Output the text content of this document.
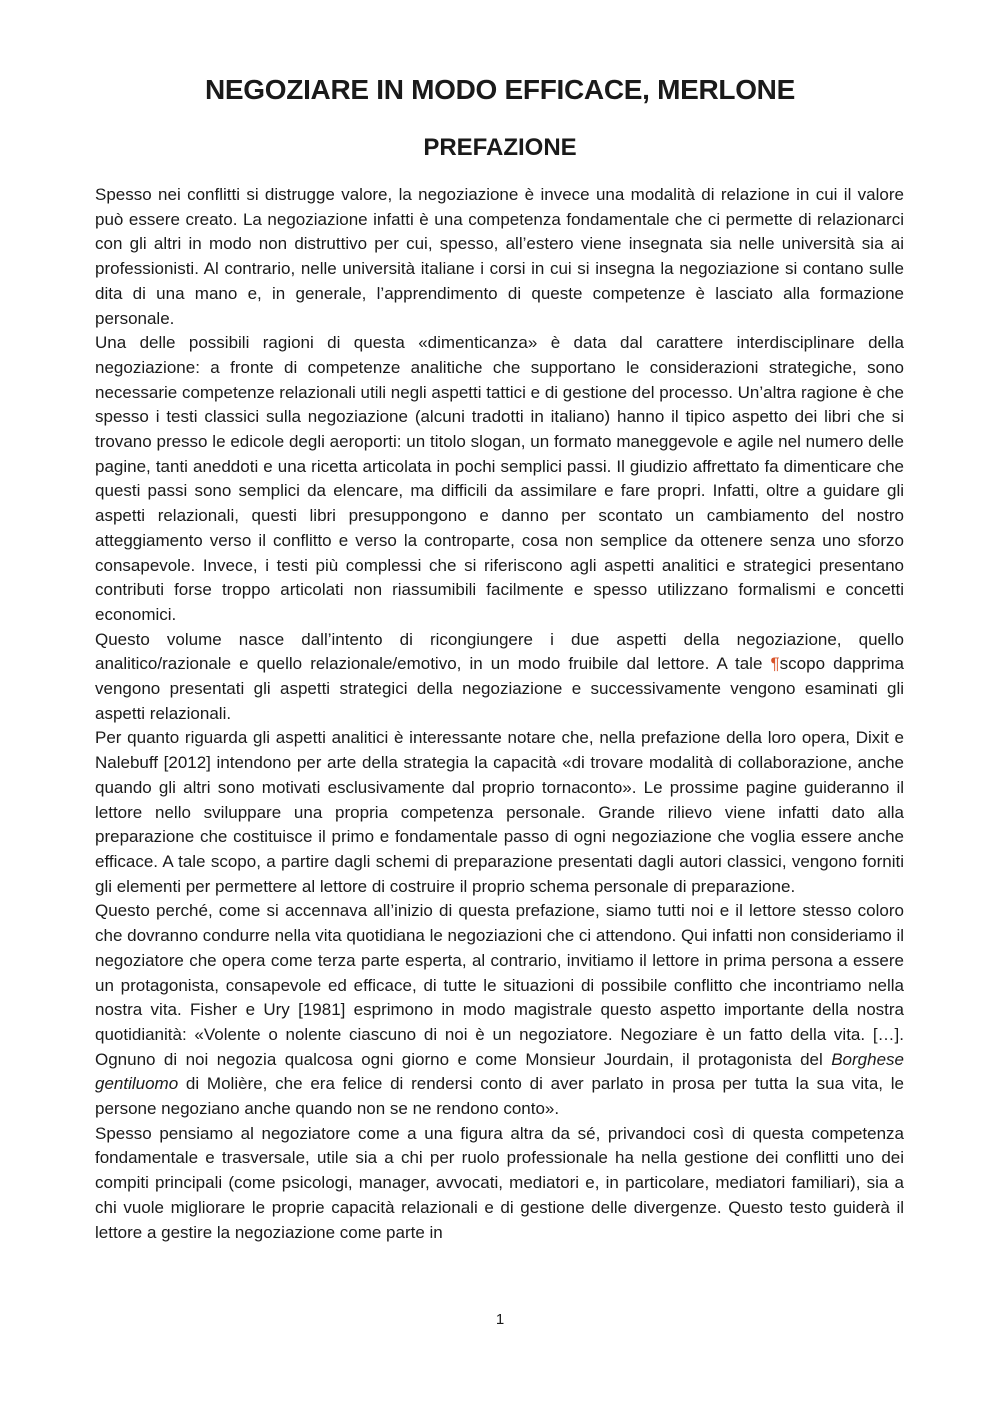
NEGOZIARE IN MODO EFFICACE, MERLONE
PREFAZIONE

Spesso nei conflitti si distrugge valore, la negoziazione è invece una modalità di relazione in cui il valore può essere creato. La negoziazione infatti è una competenza fondamentale che ci permette di relazionarci con gli altri in modo non distruttivo per cui, spesso, all’estero viene insegnata sia nelle università sia ai professionisti. Al contrario, nelle università italiane i corsi in cui si insegna la negoziazione si contano sulle dita di una mano e, in generale, l’apprendimento di queste competenze è lasciato alla formazione personale.

Una delle possibili ragioni di questa «dimenticanza» è data dal carattere interdisciplinare della negoziazione: a fronte di competenze analitiche che supportano le considerazioni strategiche, sono necessarie competenze relazionali utili negli aspetti tattici e di gestione del processo. Un’altra ragione è che spesso i testi classici sulla negoziazione (alcuni tradotti in italiano) hanno il tipico aspetto dei libri che si trovano presso le edicole degli aeroporti: un titolo slogan, un formato maneggevole e agile nel numero delle pagine, tanti aneddoti e una ricetta articolata in pochi semplici passi. Il giudizio affrettato fa dimenticare che questi passi sono semplici da elencare, ma difficili da assimilare e fare propri. Infatti, oltre a guidare gli aspetti relazionali, questi libri presuppongono e danno per scontato un cambiamento del nostro atteggiamento verso il conflitto e verso la controparte, cosa non semplice da ottenere senza uno sforzo consapevole. Invece, i testi più complessi che si riferiscono agli aspetti analitici e strategici presentano contributi forse troppo articolati non riassumibili facilmente e spesso utilizzano formalismi e concetti economici.

Questo volume nasce dall’intento di ricongiungere i due aspetti della negoziazione, quello analitico/razionale e quello relazionale/emotivo, in un modo fruibile dal lettore. A tale ¶scopo dapprima vengono presentati gli aspetti strategici della negoziazione e successivamente vengono esaminati gli aspetti relazionali.

Per quanto riguarda gli aspetti analitici è interessante notare che, nella prefazione della loro opera, Dixit e Nalebuff [2012] intendono per arte della strategia la capacità «di trovare modalità di collaborazione, anche quando gli altri sono motivati esclusivamente dal proprio tornaconto». Le prossime pagine guideranno il lettore nello sviluppare una propria competenza personale. Grande rilievo viene infatti dato alla preparazione che costituisce il primo e fondamentale passo di ogni negoziazione che voglia essere anche efficace. A tale scopo, a partire dagli schemi di preparazione presentati dagli autori classici, vengono forniti gli elementi per permettere al lettore di costruire il proprio schema personale di preparazione.

Questo perché, come si accennava all’inizio di questa prefazione, siamo tutti noi e il lettore stesso coloro che dovranno condurre nella vita quotidiana le negoziazioni che ci attendono. Qui infatti non consideriamo il negoziatore che opera come terza parte esperta, al contrario, invitiamo il lettore in prima persona a essere un protagonista, consapevole ed efficace, di tutte le situazioni di possibile conflitto che incontriamo nella nostra vita. Fisher e Ury [1981] esprimono in modo magistrale questo aspetto importante della nostra quotidianità: «Volente o nolente ciascuno di noi è un negoziatore. Negoziare è un fatto della vita. […]. Ognuno di noi negozia qualcosa ogni giorno e come Monsieur Jourdain, il protagonista del Borghese gentiluomo di Molière, che era felice di rendersi conto di aver parlato in prosa per tutta la sua vita, le persone negoziano anche quando non se ne rendono conto».

Spesso pensiamo al negoziatore come a una figura altra da sé, privandoci così di questa competenza fondamentale e trasversale, utile sia a chi per ruolo professionale ha nella gestione dei conflitti uno dei compiti principali (come psicologi, manager, avvocati, mediatori e, in particolare, mediatori familiari), sia a chi vuole migliorare le proprie capacità relazionali e di gestione delle divergenze. Questo testo guiderà il lettore a gestire la negoziazione come parte in

1
